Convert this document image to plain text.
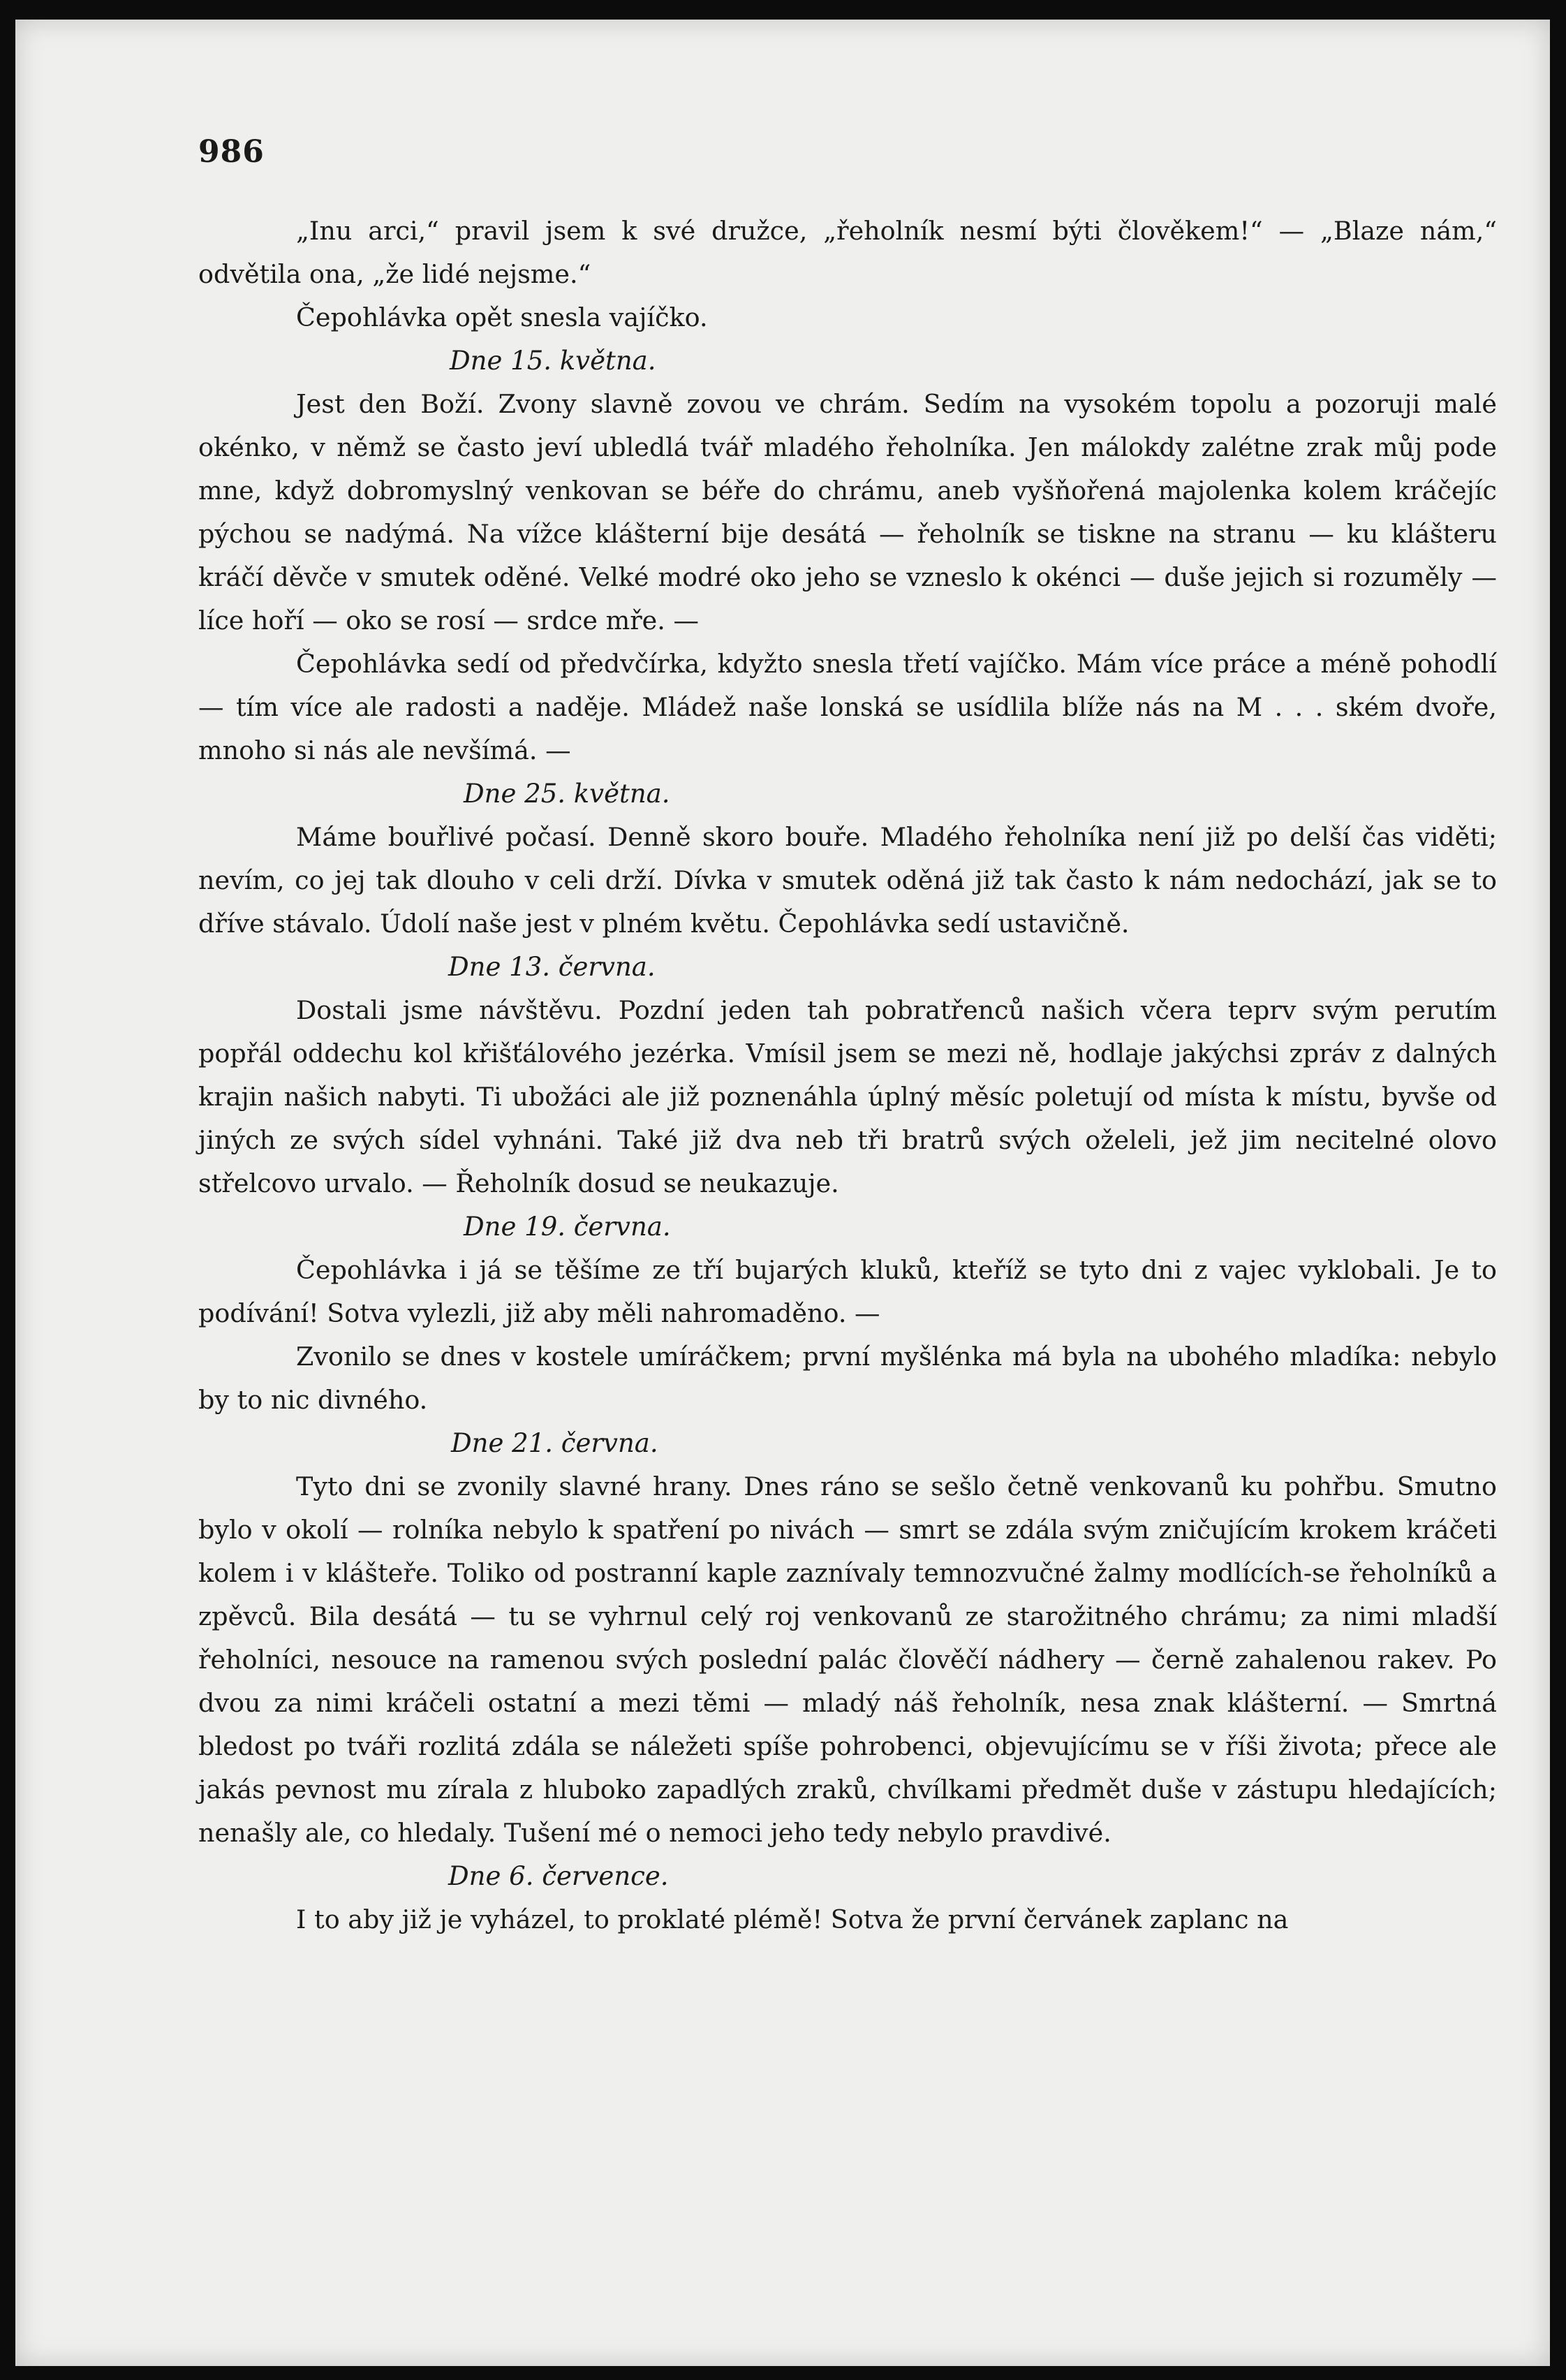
986

„Inu arci,“ pravil jsem k své družce, „řeholník nesmí býti člověkem!“ — „Blaze nám,“ odvětila ona, „že lidé nejsme.“

Čepohlávka opět snesla vajíčko.

Dne 15. května.

Jest den Boží. Zvony slavně zovou ve chrám. Sedím na vysokém topolu a pozoruji malé okénko, v němž se často jeví ubledlá tvář mladého řeholníka. Jen málokdy zalétne zrak můj pode mne, když dobromyslný venkovan se béře do chrámu, aneb vyšňořená majolenka kolem kráčejíc pýchou se nadýmá. Na vížce klášterní bije desátá — řeholník se tiskne na stranu — ku klášteru kráčí děvče v smutek oděné. Velké modré oko jeho se vzneslo k okénci — duše jejich si rozuměly — líce hoří — oko se rosí — srdce mře. —

Čepohlávka sedí od předvčírka, kdyžto snesla třetí vajíčko. Mám více práce a méně pohodlí — tím více ale radosti a naděje. Mládež naše lonská se usídlila blíže nás na M . . . ském dvoře, mnoho si nás ale nevšímá. —

Dne 25. května.

Máme bouřlivé počasí. Denně skoro bouře. Mladého řeholníka není již po delší čas viděti; nevím, co jej tak dlouho v celi drží. Dívka v smutek oděná již tak často k nám nedochází, jak se to dříve stávalo. Údolí naše jest v plném květu. Čepohlávka sedí ustavičně.

Dne 13. června.

Dostali jsme návštěvu. Pozdní jeden tah pobratřenců našich včera teprv svým perutím popřál oddechu kol křišťálového jezérka. Vmísil jsem se mezi ně, hodlaje jakýchsi zpráv z dalných krajin našich nabyti. Ti ubožáci ale již poznenáhla úplný měsíc poletují od místa k místu, byvše od jiných ze svých sídel vyhnáni. Také již dva neb tři bratrů svých oželeli, jež jim necitelné olovo střelcovo urvalo. — Řeholník dosud se neukazuje.

Dne 19. června.

Čepohlávka i já se těšíme ze tří bujarých kluků, kteříž se tyto dni z vajec vyklobali. Je to podívání! Sotva vylezli, již aby měli nahromaděno. —

Zvonilo se dnes v kostele umíráčkem; první myšlénka má byla na ubohého mladíka: nebylo by to nic divného.

Dne 21. června.

Tyto dni se zvonily slavné hrany. Dnes ráno se sešlo četně venkovanů ku pohřbu. Smutno bylo v okolí — rolníka nebylo k spatření po nivách — smrt se zdála svým zničujícím krokem kráčeti kolem i v klášteře. Toliko od postranní kaple zaznívaly temnozvučné žalmy modlících-se řeholníků a zpěvců. Bila desátá — tu se vyhrnul celý roj venkovanů ze starožitného chrámu; za nimi mladší řeholníci, nesouce na ramenou svých poslední palác člověčí nádhery — černě zahalenou rakev. Po dvou za nimi kráčeli ostatní a mezi těmi — mladý náš řeholník, nesa znak klášterní. — Smrtná bledost po tváři rozlitá zdála se náležeti spíše pohrobenci, objevujícímu se v říši života; přece ale jakás pevnost mu zírala z hluboko zapadlých zraků, chvílkami předmět duše v zástupu hledajících; nenašly ale, co hledaly. Tušení mé o nemoci jeho tedy nebylo pravdivé.

Dne 6. července.

I to aby již je vyházel, to proklaté plémě! Sotva že první červánek zaplanc na
